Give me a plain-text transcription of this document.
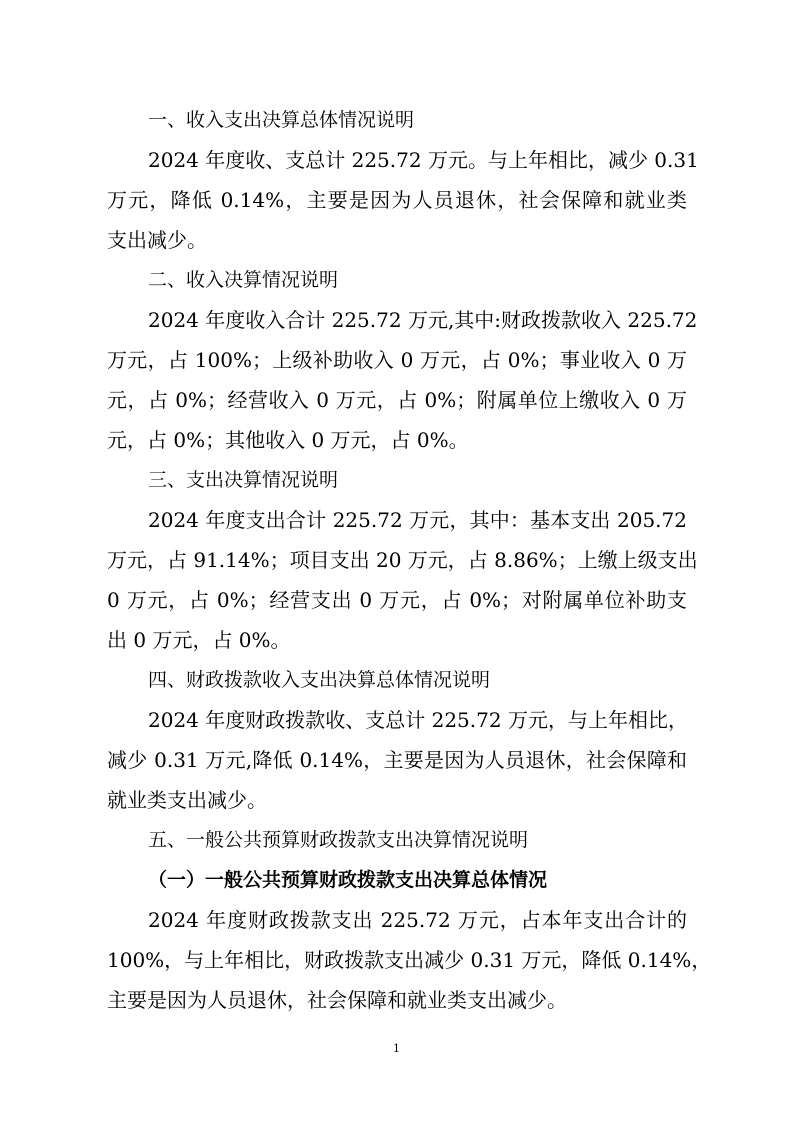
一、收入支出决算总体情况说明
2024 年度收、支总计 225.72 万元。与上年相比，减少 0.31
万元，降低 0.14%，主要是因为人员退休，社会保障和就业类
支出减少。
二、收入决算情况说明
2024 年度收入合计 225.72 万元,其中:财政拨款收入 225.72
万元，占 100%；上级补助收入 0 万元，占 0%；事业收入 0 万
元，占 0%；经营收入 0 万元，占 0%；附属单位上缴收入 0 万
元，占 0%；其他收入 0 万元，占 0%。
三、支出决算情况说明
2024 年度支出合计 225.72 万元，其中：基本支出 205.72
万元，占 91.14%；项目支出 20 万元，占 8.86%；上缴上级支出
0 万元，占 0%；经营支出 0 万元，占 0%；对附属单位补助支
出 0 万元，占 0%。
四、财政拨款收入支出决算总体情况说明
2024 年度财政拨款收、支总计 225.72 万元，与上年相比，
减少 0.31 万元,降低 0.14%，主要是因为人员退休，社会保障和
就业类支出减少。
五、一般公共预算财政拨款支出决算情况说明
（一）一般公共预算财政拨款支出决算总体情况
2024 年度财政拨款支出 225.72 万元，占本年支出合计的
100%，与上年相比，财政拨款支出减少 0.31 万元，降低 0.14%，
主要是因为人员退休，社会保障和就业类支出减少。
1
